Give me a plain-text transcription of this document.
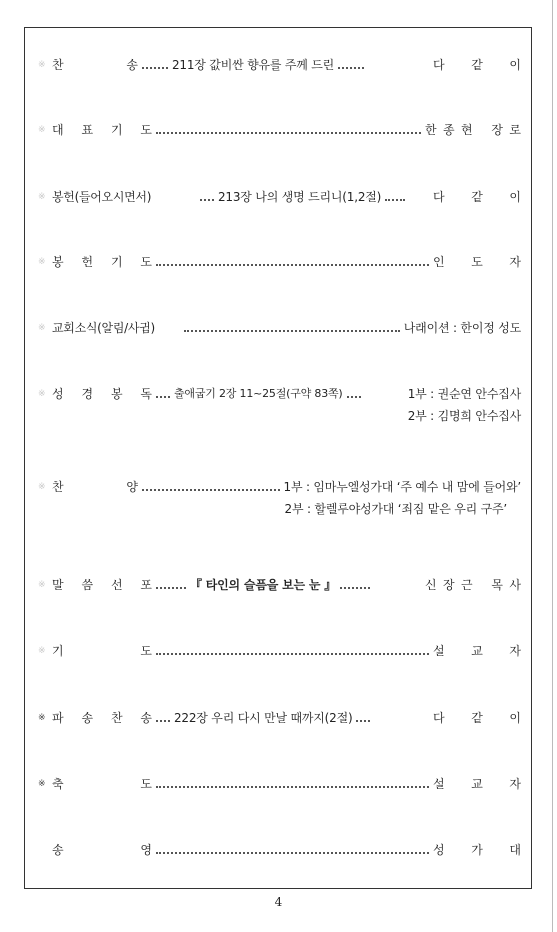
※ 찬	송	211장 값비싼 향유를 주께 드린	다 같 이
※ 대 표 기 도	한 종 현 장 로
※ 봉헌(들어오시면서)	213장 나의 생명 드리니(1,2절)	다 같 이
※ 봉 헌 기 도	인 도 자
※ 교회소식(알림/사귐)	나래이션 : 한이정 성도
※ 성 경 봉 독 출애굽기 2장 11~25절(구약 83쪽)	1부 : 권순연 안수집사
2부 : 김명희 안수집사
※ 찬	양	1부 : 임마누엘성가대 ‘주 예수 내 맘에 들어와’
2부 : 할렐루야성가대 ‘죄짐 맡은 우리 구주’
※ 말 씀 선 포	『 타인의 슬픔을 보는 눈 』	신 장 근 목 사
※ 기	도	설 교 자
※ 파 송 찬 송 222장 우리 다시 만날 때까지(2절)	다 같 이
※ 축	도	설 교 자
송	영	성 가 대
4
